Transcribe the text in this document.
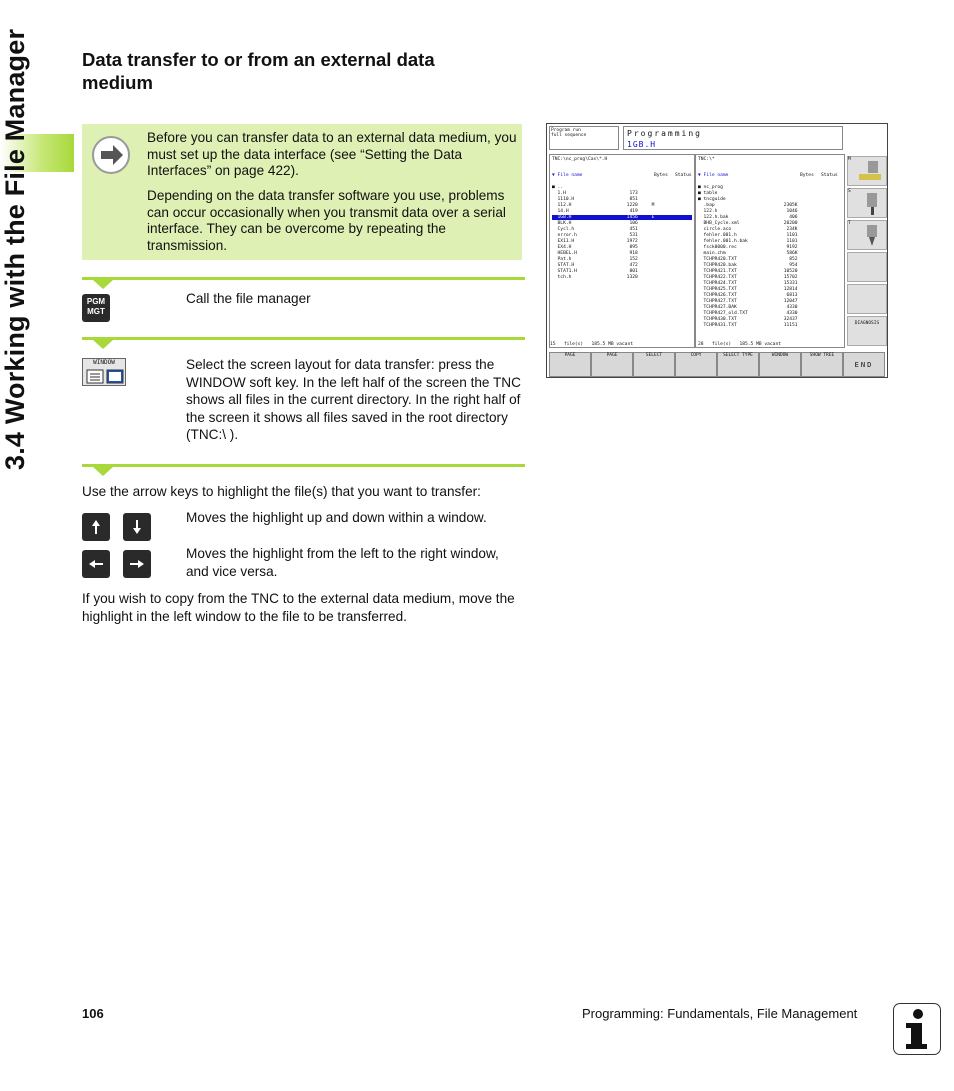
3.4 Working with the File Manager	Data transfer to or from an external data medium

Before you can transfer data to an external data medium, you must set up the data interface (see “Setting the Data Interfaces” on page 422).

Depending on the data transfer software you use, problems can occur occasionally when you transmit data over a serial interface. They can be overcome by repeating the transmission.

PGM MGT

Call the file manager

WINDOW	Select the screen layout for data transfer: press the WINDOW soft key. In the left half of the screen the TNC shows all files in the current directory. In the right half of the screen it shows all files saved in the root directory (TNC:\ ).

Use the arrow keys to highlight the file(s) that you want to transfer:

Moves the highlight up and down within a window.

Moves the highlight from the left to the right window, and vice versa.

If you wish to copy from the TNC to the external data medium, move the highlight in the left window to the file to be transferred.

Program run
full sequence	Programming
1GB.H
M
S
T
DIAGNOSIS
TNC:\nc_prog\Cas\*.H
▼ File name	Bytes Status
■ ..
1.H                       173
1110.H                    851
112.H                    1220     M
14.H                      419
1GB.H                    1456     E
BLK.H                     106
Cycl.h                    451
error.h                   531
EX11.H                   1972
EX4.H                     895
HEBEL.H                   918
Pat.h                     152
STAT.H                    472
STAT1.H                   801
tch.h                    1320
TNC:\*
▼ File name	Bytes Status
■ nc_prog
■ table
■ tncguide
.bap                         2305K
122.h                         1046
122.h.bak                      406
BHB_Cycle.xml                20200
circle.aco                    234K
fehler.001.h                  1101
fehler.001.h.bak              1101
fsck0000.rec                  9192
main.chm                      586K
TCHPR420.TXT                   852
TCHPR420.bak                   954
TCHPR421.TXT                 10520
TCHPR422.TXT                 15702
TCHPR424.TXT                 15331
TCHPR425.TXT                 12814
TCHPR426.TXT                  6813
TCHPR427.TXT                 12047
TCHPR427.BAK                  4330
TCHPR427_old.TXT              4330
TCHPR430.TXT                 32437
TCHPR431.TXT                 11151
15   file(s)   185.5 MB vacant	28   file(s)   185.5 MB vacant
PAGE	PAGE	SELECT	COPY	SELECT TYPE	WINDOW	SHOW TREE
END
106	Programming: Fundamentals, File Management
